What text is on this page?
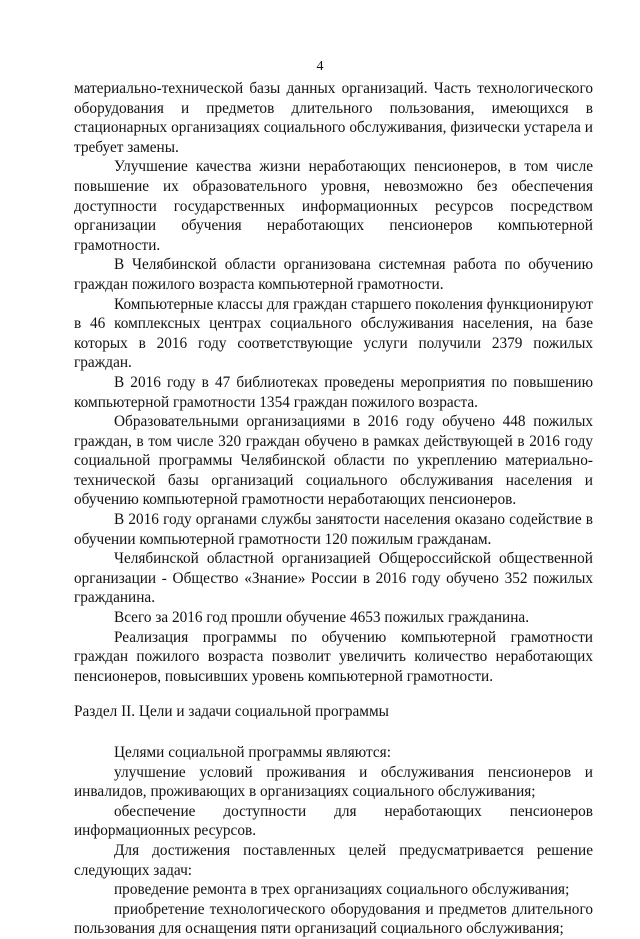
4

материально-технической базы данных организаций. Часть технологического оборудования и предметов длительного пользования, имеющихся в стационарных организациях социального обслуживания, физически устарела и требует замены.

Улучшение качества жизни неработающих пенсионеров, в том числе повышение их образовательного уровня, невозможно без обеспечения доступности государственных информационных ресурсов посредством организации обучения неработающих пенсионеров компьютерной грамотности.

В Челябинской области организована системная работа по обучению граждан пожилого возраста компьютерной грамотности.

Компьютерные классы для граждан старшего поколения функционируют в 46 комплексных центрах социального обслуживания населения, на базе которых в 2016 году соответствующие услуги получили 2379 пожилых граждан.

В 2016 году в 47 библиотеках проведены мероприятия по повышению компьютерной грамотности 1354 граждан пожилого возраста.

Образовательными организациями в 2016 году обучено 448 пожилых граждан, в том числе 320 граждан обучено в рамках действующей в 2016 году социальной программы Челябинской области по укреплению материально-технической базы организаций социального обслуживания населения и обучению компьютерной грамотности неработающих пенсионеров.

В 2016 году органами службы занятости населения оказано содействие в обучении компьютерной грамотности 120 пожилым гражданам.

Челябинской областной организацией Общероссийской общественной организации - Общество «Знание» России в 2016 году обучено 352 пожилых гражданина.

Всего за 2016 год прошли обучение 4653 пожилых гражданина.

Реализация программы по обучению компьютерной грамотности граждан пожилого возраста позволит увеличить количество неработающих пенсионеров, повысивших уровень компьютерной грамотности.

Раздел II. Цели и задачи социальной программы

Целями социальной программы являются:

улучшение условий проживания и обслуживания пенсионеров и инвалидов, проживающих в организациях социального обслуживания;

обеспечение доступности для неработающих пенсионеров информационных ресурсов.

Для достижения поставленных целей предусматривается решение следующих задач:

проведение ремонта в трех организациях социального обслуживания;

приобретение технологического оборудования и предметов длительного пользования для оснащения пяти организаций социального обслуживания;
